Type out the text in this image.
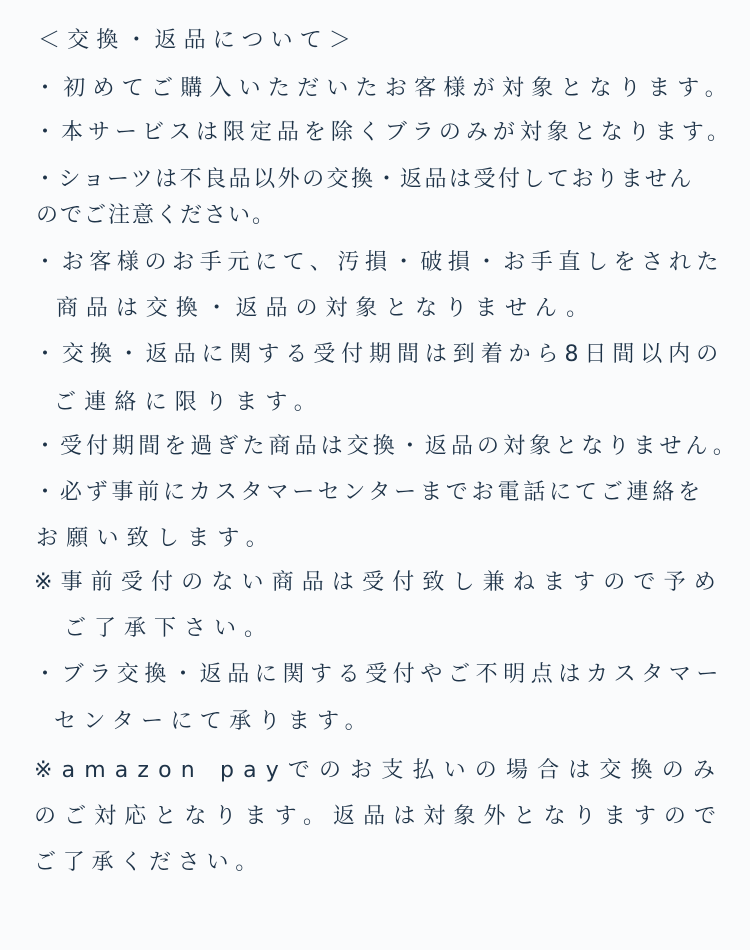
＜交換・返品について＞
・初めてご購入いただいたお客様が対象となります。
・本サービスは限定品を除くブラのみが対象となります。
・ショーツは不良品以外の交換・返品は受付しておりません
のでご注意ください。
・お客様のお手元にて、汚損・破損・お手直しをされた
商品は交換・返品の対象となりません。
・交換・返品に関する受付期間は到着から8日間以内の
ご連絡に限ります。
・受付期間を過ぎた商品は交換・返品の対象となりません。
・必ず事前にカスタマーセンターまでお電話にてご連絡を
お願い致します。
※事前受付のない商品は受付致し兼ねますので予め
ご了承下さい。
・ブラ交換・返品に関する受付やご不明点はカスタマー
センターにて承ります。
※amazon payでのお支払いの場合は交換のみ
のご対応となります。返品は対象外となりますので
ご了承ください。
